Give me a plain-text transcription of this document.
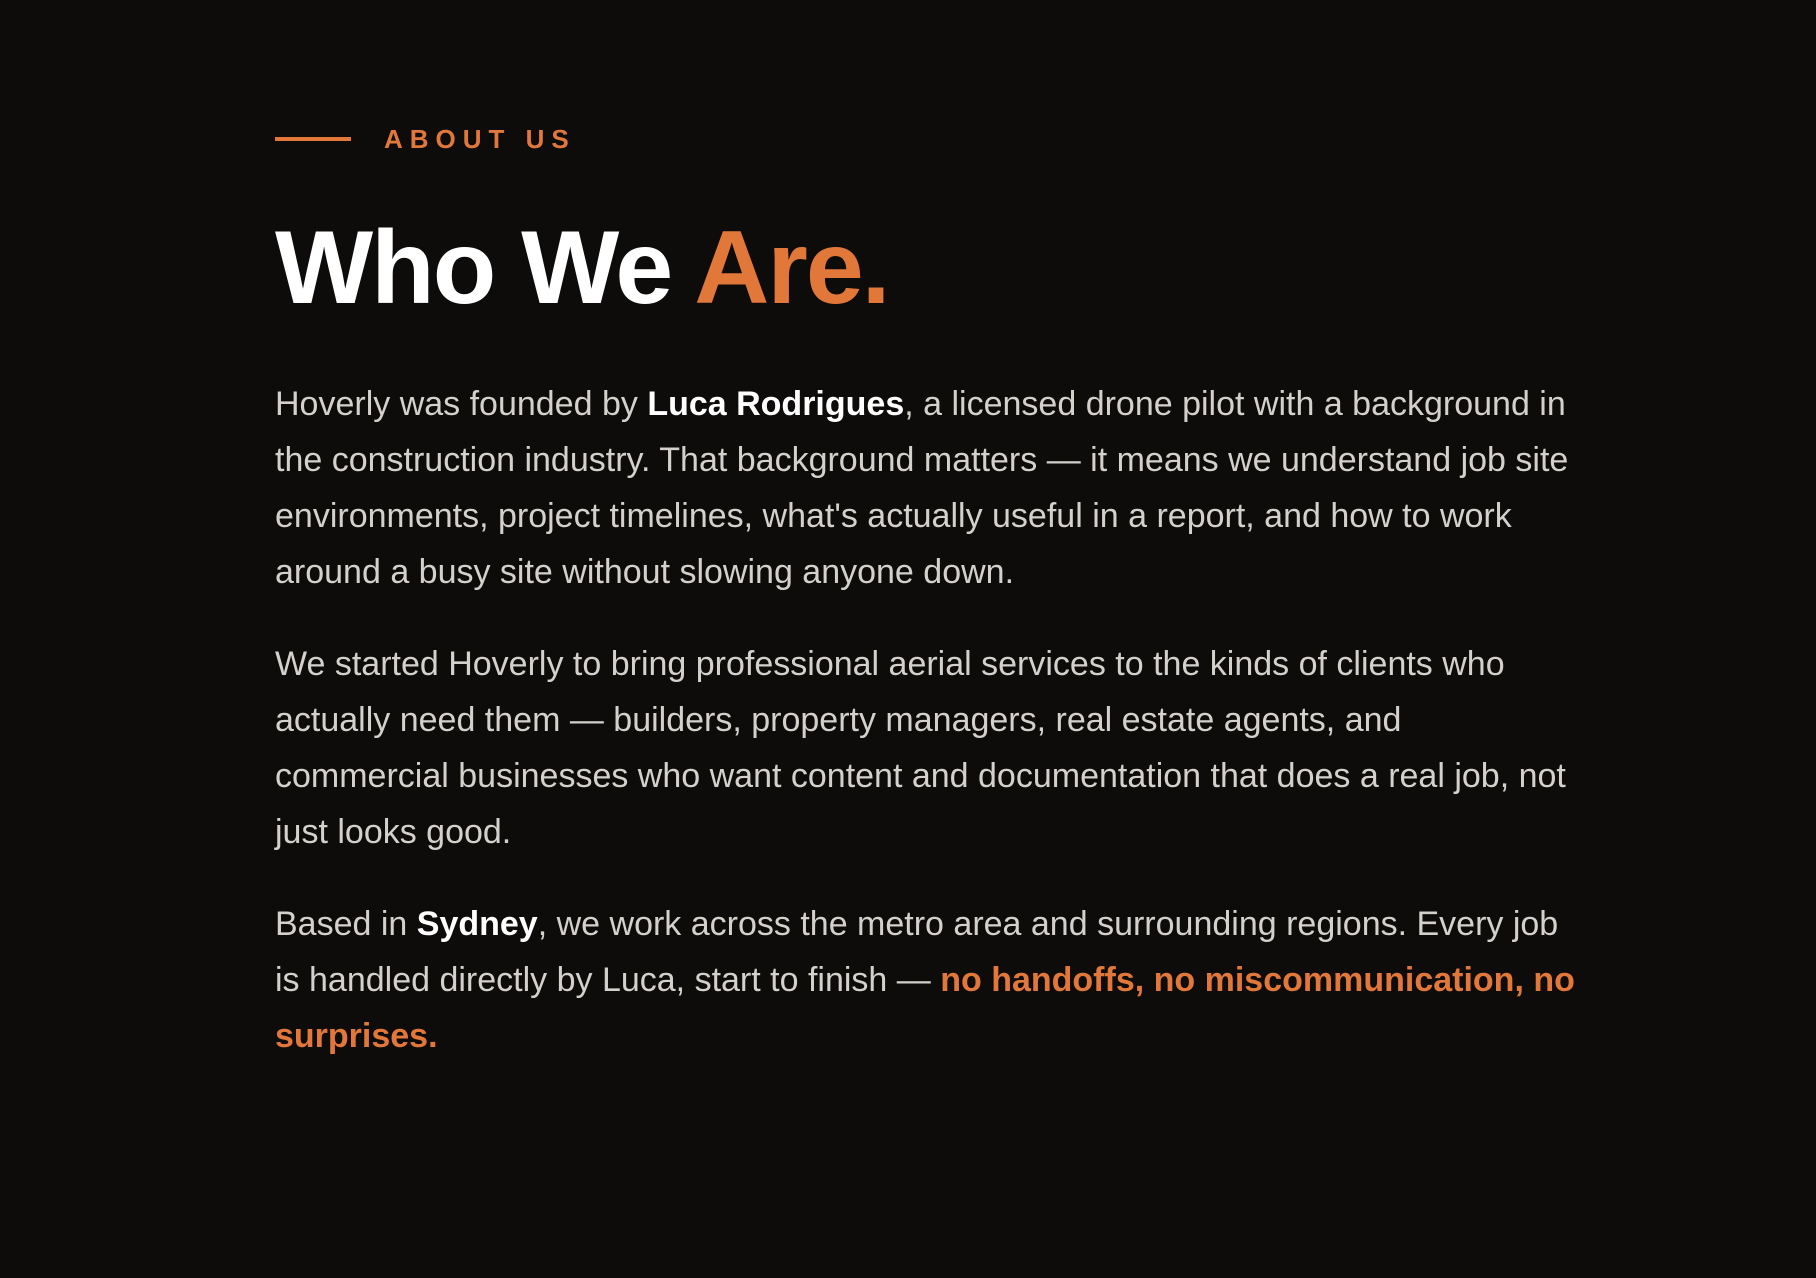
ABOUT US
Who We Are.

Hoverly was founded by Luca Rodrigues, a licensed drone pilot with a background in the construction industry. That background matters — it means we understand job site environments, project timelines, what's actually useful in a report, and how to work around a busy site without slowing anyone down.

We started Hoverly to bring professional aerial services to the kinds of clients who actually need them — builders, property managers, real estate agents, and commercial businesses who want content and documentation that does a real job, not just looks good.

Based in Sydney, we work across the metro area and surrounding regions. Every job is handled directly by Luca, start to finish — no handoffs, no miscommunication, no surprises.
